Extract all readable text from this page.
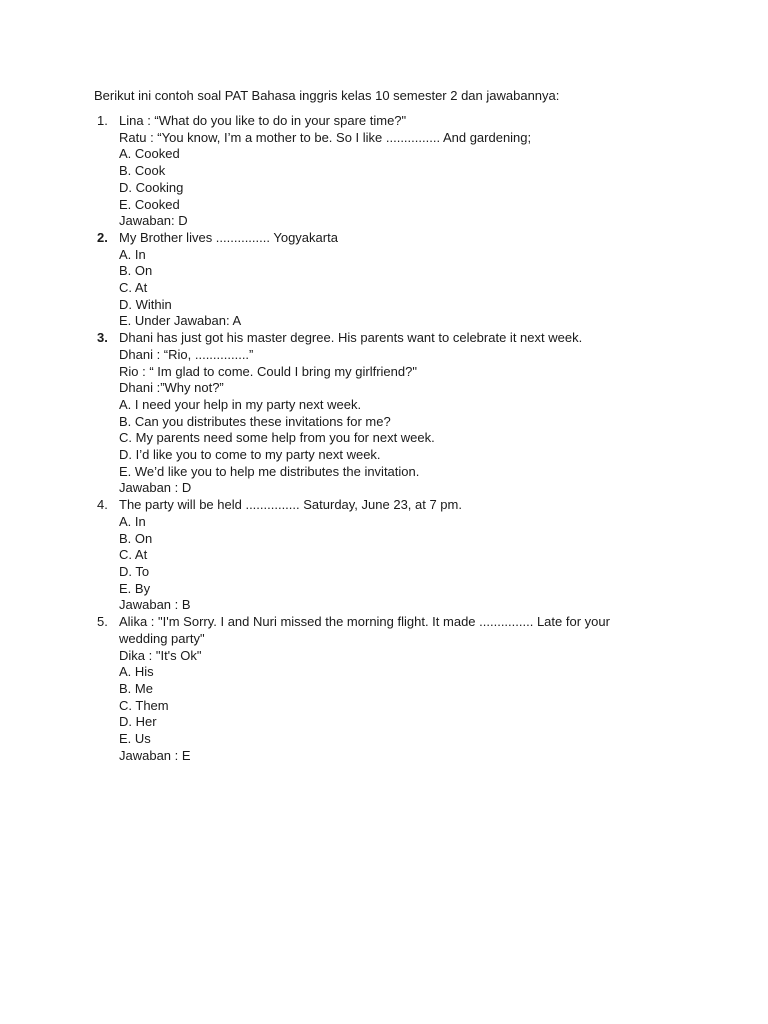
Berikut ini contoh soal PAT Bahasa inggris kelas 10 semester 2 dan jawabannya:
1. Lina : “What do you like to do in your spare time?"
Ratu : “You know, I’m a mother to be. So I like ............... And gardening;
A. Cooked
B. Cook
D. Cooking
E. Cooked
Jawaban: D
2. My Brother lives ............... Yogyakarta
A. In
B. On
C. At
D. Within
E. Under Jawaban: A
3. Dhani has just got his master degree. His parents want to celebrate it next week.
Dhani : “Rio, ...............”
Rio : “ Im glad to come. Could I bring my girlfriend?"
Dhani :”Why not?”
A. I need your help in my party next week.
B. Can you distributes these invitations for me?
C. My parents need some help from you for next week.
D. I’d like you to come to my party next week.
E. We’d like you to help me distributes the invitation.
Jawaban : D
4. The party will be held ............... Saturday, June 23, at 7 pm.
A. In
B. On
C. At
D. To
E. By
Jawaban : B
5. Alika : "I'm Sorry. I and Nuri missed the morning flight. It made ............... Late for your
wedding party"
Dika : "It's Ok"
A. His
B. Me
C. Them
D. Her
E. Us
Jawaban : E
